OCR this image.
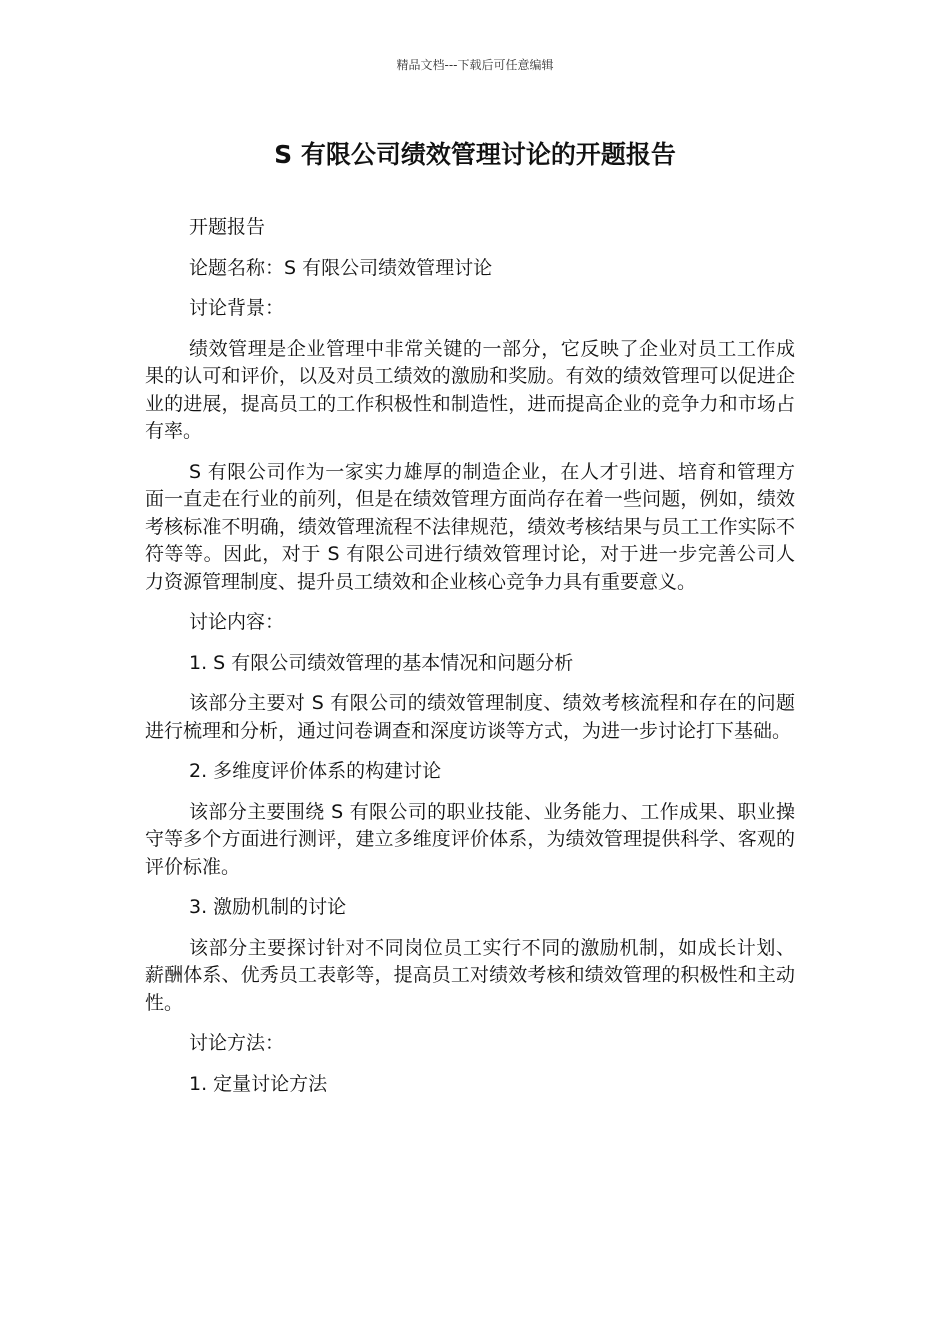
精品文档---下载后可任意编辑
S 有限公司绩效管理讨论的开题报告

开题报告

论题名称：S 有限公司绩效管理讨论

讨论背景：

绩效管理是企业管理中非常关键的一部分，它反映了企业对员工工作成果的认可和评价，以及对员工绩效的激励和奖励。有效的绩效管理可以促进企业的进展，提高员工的工作积极性和制造性，进而提高企业的竞争力和市场占有率。

S 有限公司作为一家实力雄厚的制造企业，在人才引进、培育和管理方面一直走在行业的前列，但是在绩效管理方面尚存在着一些问题，例如，绩效考核标准不明确，绩效管理流程不法律规范，绩效考核结果与员工工作实际不符等等。因此，对于 S 有限公司进行绩效管理讨论，对于进一步完善公司人力资源管理制度、提升员工绩效和企业核心竞争力具有重要意义。

讨论内容：

1. S 有限公司绩效管理的基本情况和问题分析

该部分主要对 S 有限公司的绩效管理制度、绩效考核流程和存在的问题进行梳理和分析，通过问卷调查和深度访谈等方式，为进一步讨论打下基础。

2. 多维度评价体系的构建讨论

该部分主要围绕 S 有限公司的职业技能、业务能力、工作成果、职业操守等多个方面进行测评，建立多维度评价体系，为绩效管理提供科学、客观的评价标准。

3. 激励机制的讨论

该部分主要探讨针对不同岗位员工实行不同的激励机制，如成长计划、薪酬体系、优秀员工表彰等，提高员工对绩效考核和绩效管理的积极性和主动性。

讨论方法：

1. 定量讨论方法
